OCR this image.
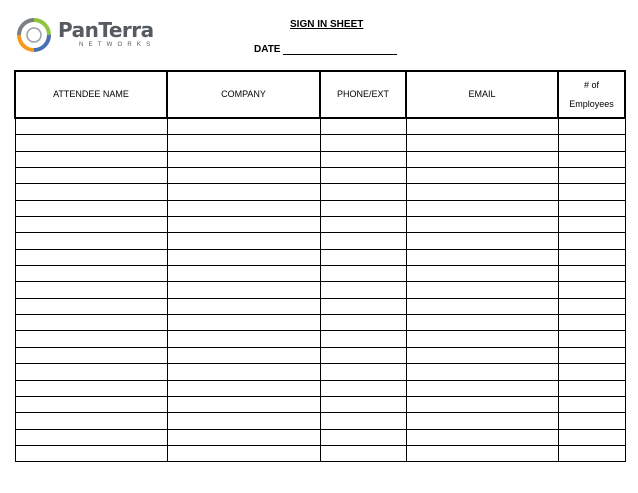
PanTerra
NETWORKS
SIGN IN SHEET
DATE
ATTENDEE NAME	COMPANY	PHONE/EXT	EMAIL	# of
Employees
